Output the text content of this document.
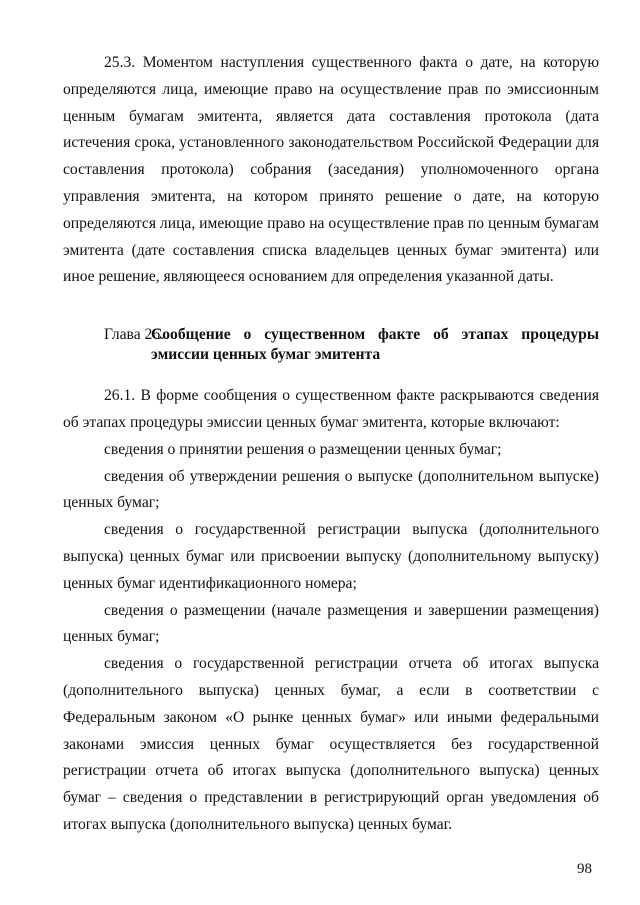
25.3. Моментом наступления существенного факта о дате, на которую определяются лица, имеющие право на осуществление прав по эмиссионным ценным бумагам эмитента, является дата составления протокола (дата истечения срока, установленного законодательством Российской Федерации для составления протокола) собрания (заседания) уполномоченного органа управления эмитента, на котором принято решение о дате, на которую определяются лица, имеющие право на осуществление прав по ценным бумагам эмитента (дате составления списка владельцев ценных бумаг эмитента) или иное решение, являющееся основанием для определения указанной даты.

Глава 26.
Сообщение о существенном факте об этапах процедуры эмиссии ценных бумаг эмитента

26.1. В форме сообщения о существенном факте раскрываются сведения об этапах процедуры эмиссии ценных бумаг эмитента, которые включают:

сведения о принятии решения о размещении ценных бумаг;

сведения об утверждении решения о выпуске (дополнительном выпуске) ценных бумаг;

сведения о государственной регистрации выпуска (дополнительного выпуска) ценных бумаг или присвоении выпуску (дополнительному выпуску) ценных бумаг идентификационного номера;

сведения о размещении (начале размещения и завершении размещения) ценных бумаг;

сведения о государственной регистрации отчета об итогах выпуска (дополнительного выпуска) ценных бумаг, а если в соответствии с Федеральным законом «О рынке ценных бумаг» или иными федеральными законами эмиссия ценных бумаг осуществляется без государственной регистрации отчета об итогах выпуска (дополнительного выпуска) ценных бумаг – сведения о представлении в регистрирующий орган уведомления об итогах выпуска (дополнительного выпуска) ценных бумаг.

98
